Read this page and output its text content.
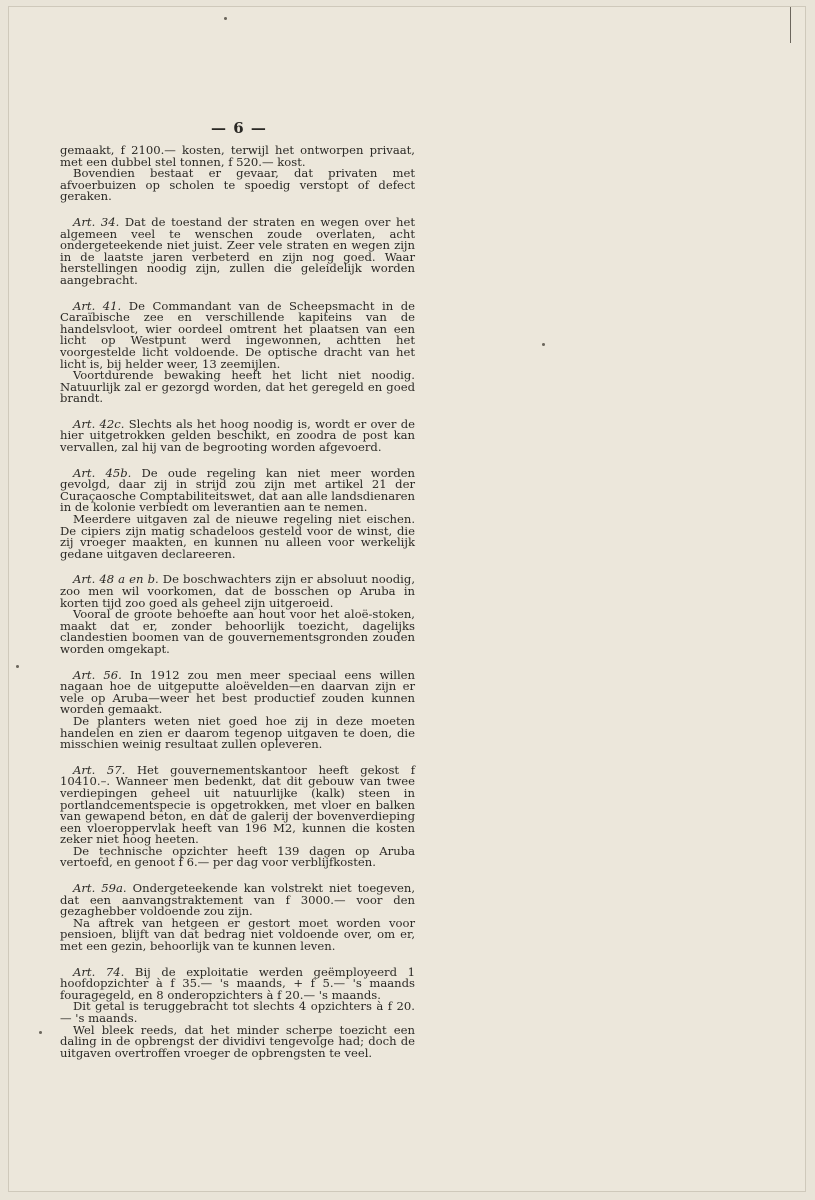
— 6 —

gemaakt, f 2100.— kosten, terwijl het ontworpen privaat, met een dubbel stel tonnen, f 520.— kost.

Bovendien bestaat er gevaar, dat privaten met afvoerbuizen op scholen te spoedig verstopt of defect geraken.

Art. 34. Dat de toestand der straten en wegen over het algemeen veel te wenschen zoude overlaten, acht ondergeteekende niet juist. Zeer vele straten en wegen zijn in de laatste jaren verbeterd en zijn nog goed. Waar herstellingen noodig zijn, zullen die geleidelijk worden aangebracht.

Art. 41. De Commandant van de Scheepsmacht in de Caraïbische zee en verschillende kapiteins van de handelsvloot, wier oordeel omtrent het plaatsen van een licht op Westpunt werd ingewonnen, achtten het voorgestelde licht voldoende. De optische dracht van het licht is, bij helder weer, 13 zeemijlen.

Voortdurende bewaking heeft het licht niet noodig. Natuurlijk zal er gezorgd worden, dat het geregeld en goed brandt.

Art. 42c. Slechts als het hoog noodig is, wordt er over de hier uitgetrokken gelden beschikt, en zoodra de post kan vervallen, zal hij van de begrooting worden afgevoerd.

Art. 45b. De oude regeling kan niet meer worden gevolgd, daar zij in strijd zou zijn met artikel 21 der Curaçaosche Comptabiliteitswet, dat aan alle landsdienaren in de kolonie verbiedt om leverantien aan te nemen.

Meerdere uitgaven zal de nieuwe regeling niet eischen. De cipiers zijn matig schadeloos gesteld voor de winst, die zij vroeger maakten, en kunnen nu alleen voor werkelijk gedane uitgaven declareeren.

Art. 48 a en b. De boschwachters zijn er absoluut noodig, zoo men wil voorkomen, dat de bosschen op Aruba in korten tijd zoo goed als geheel zijn uitgeroeid.

Vooral de groote behoefte aan hout voor het aloë-stoken, maakt dat er, zonder behoorlijk toezicht, dagelijks clandestien boomen van de gouvernementsgronden zouden worden omgekapt.

Art. 56. In 1912 zou men meer speciaal eens willen nagaan hoe de uitgeputte aloëvelden—en daarvan zijn er vele op Aruba—weer het best productief zouden kunnen worden gemaakt.

De planters weten niet goed hoe zij in deze moeten handelen en zien er daarom tegenop uitgaven te doen, die misschien weinig resultaat zullen opleveren.

Art. 57. Het gouvernementskantoor heeft gekost f 10410.–. Wanneer men bedenkt, dat dit gebouw van twee verdiepingen geheel uit natuurlijke (kalk) steen in portlandcementspecie is opgetrokken, met vloer en balken van gewapend beton, en dat de galerij der bovenverdieping een vloeroppervlak heeft van 196 M2, kunnen die kosten zeker niet hoog heeten.

De technische opzichter heeft 139 dagen op Aruba vertoefd, en genoot f 6.— per dag voor verblijfkosten.

Art. 59a. Ondergeteekende kan volstrekt niet toegeven, dat een aanvangstraktement van f 3000.— voor den gezaghebber voldoende zou zijn.

Na aftrek van hetgeen er gestort moet worden voor pensioen, blijft van dat bedrag niet voldoende over, om er, met een gezin, behoorlijk van te kunnen leven.

Art. 74. Bij de exploitatie werden geëmployeerd 1 hoofdopzichter à f 35.— 's maands, + f 5.— 's maands fouragegeld, en 8 onderopzichters à f 20.— 's maands.

Dit getal is teruggebracht tot slechts 4 opzichters à f 20.— 's maands.

Wel bleek reeds, dat het minder scherpe toezicht een daling in de opbrengst der dividivi tengevolge had; doch de uitgaven overtroffen vroeger de opbrengsten te veel.
